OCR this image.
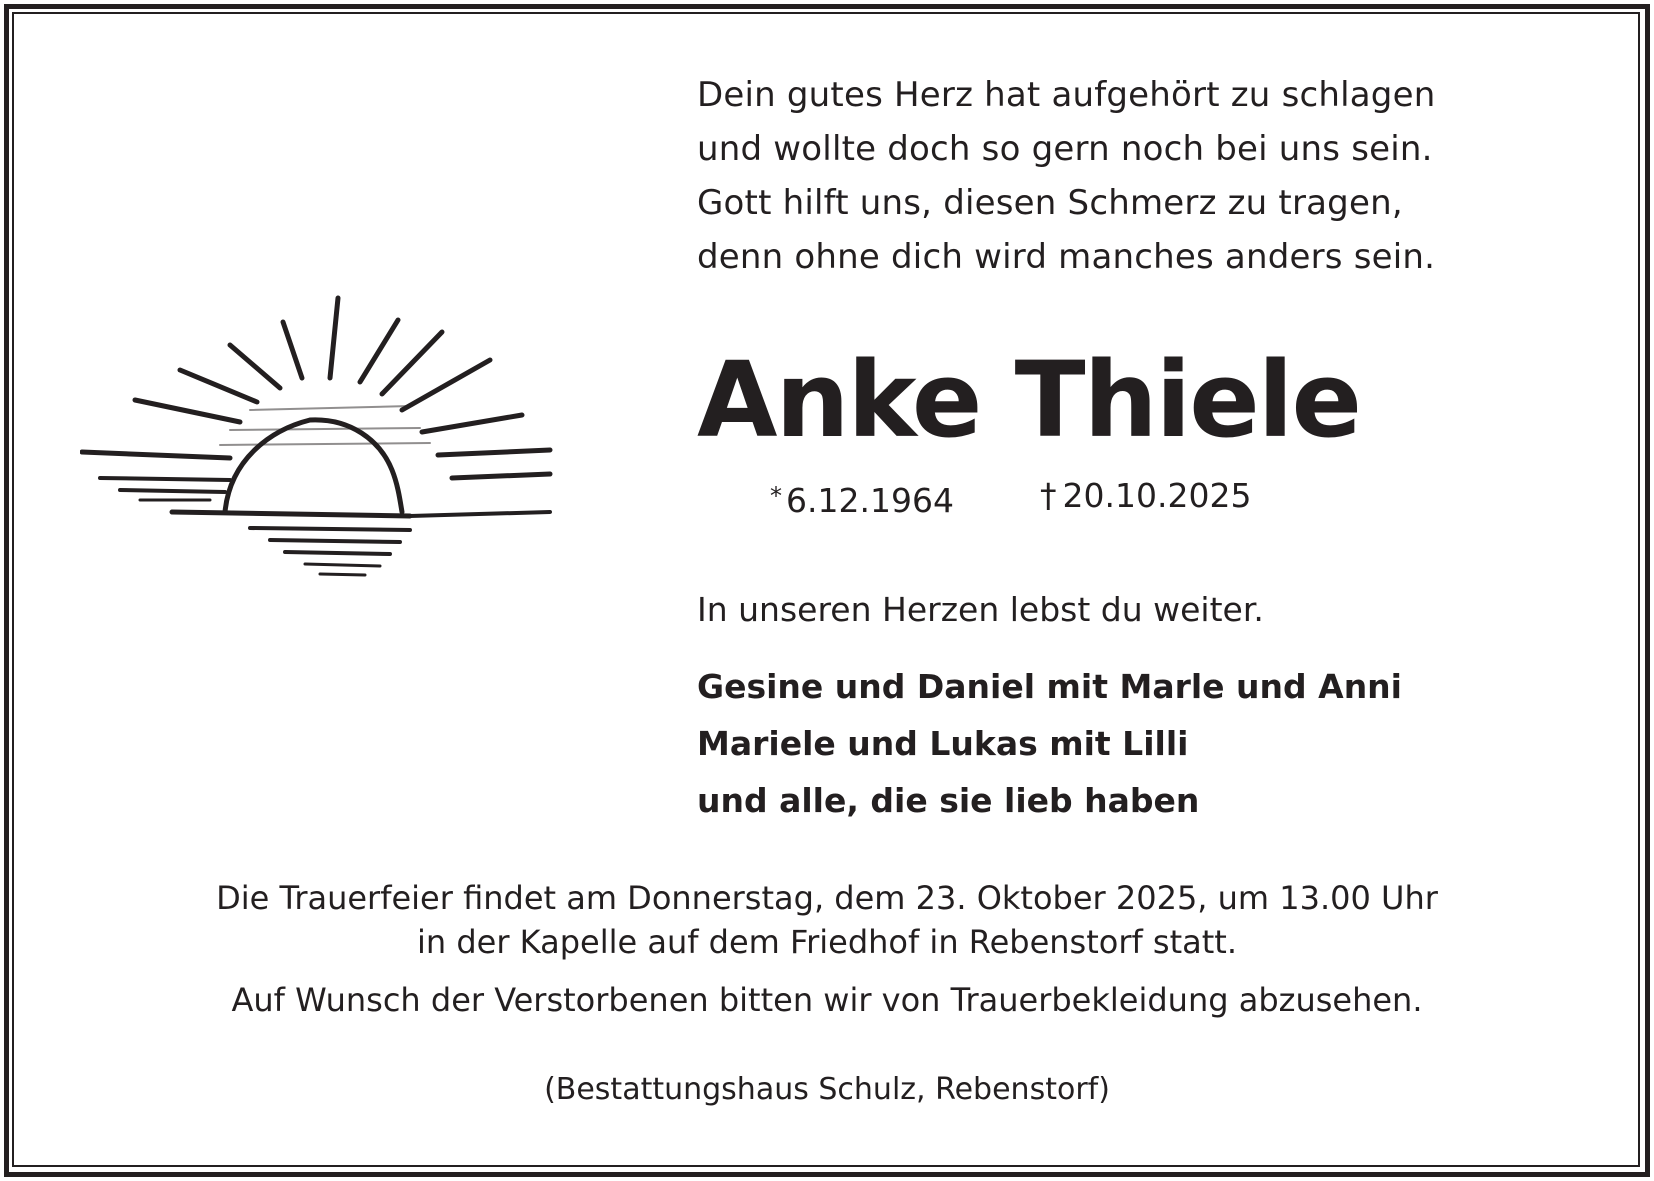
Dein gutes Herz hat aufgehört zu schlagen
und wollte doch so gern noch bei uns sein.
Gott hilft uns, diesen Schmerz zu tragen,
denn ohne dich wird manches anders sein.
Anke Thiele
* 6.12.1964	† 20.10.2025
In unseren Herzen lebst du weiter.
Gesine und Daniel mit Marle und Anni
Mariele und Lukas mit Lilli
und alle, die sie lieb haben
Die Trauerfeier findet am Donnerstag, dem 23. Oktober 2025, um 13.00 Uhr
in der Kapelle auf dem Friedhof in Rebenstorf statt.
Auf Wunsch der Verstorbenen bitten wir von Trauerbekleidung abzusehen.
(Bestattungshaus Schulz, Rebenstorf)
